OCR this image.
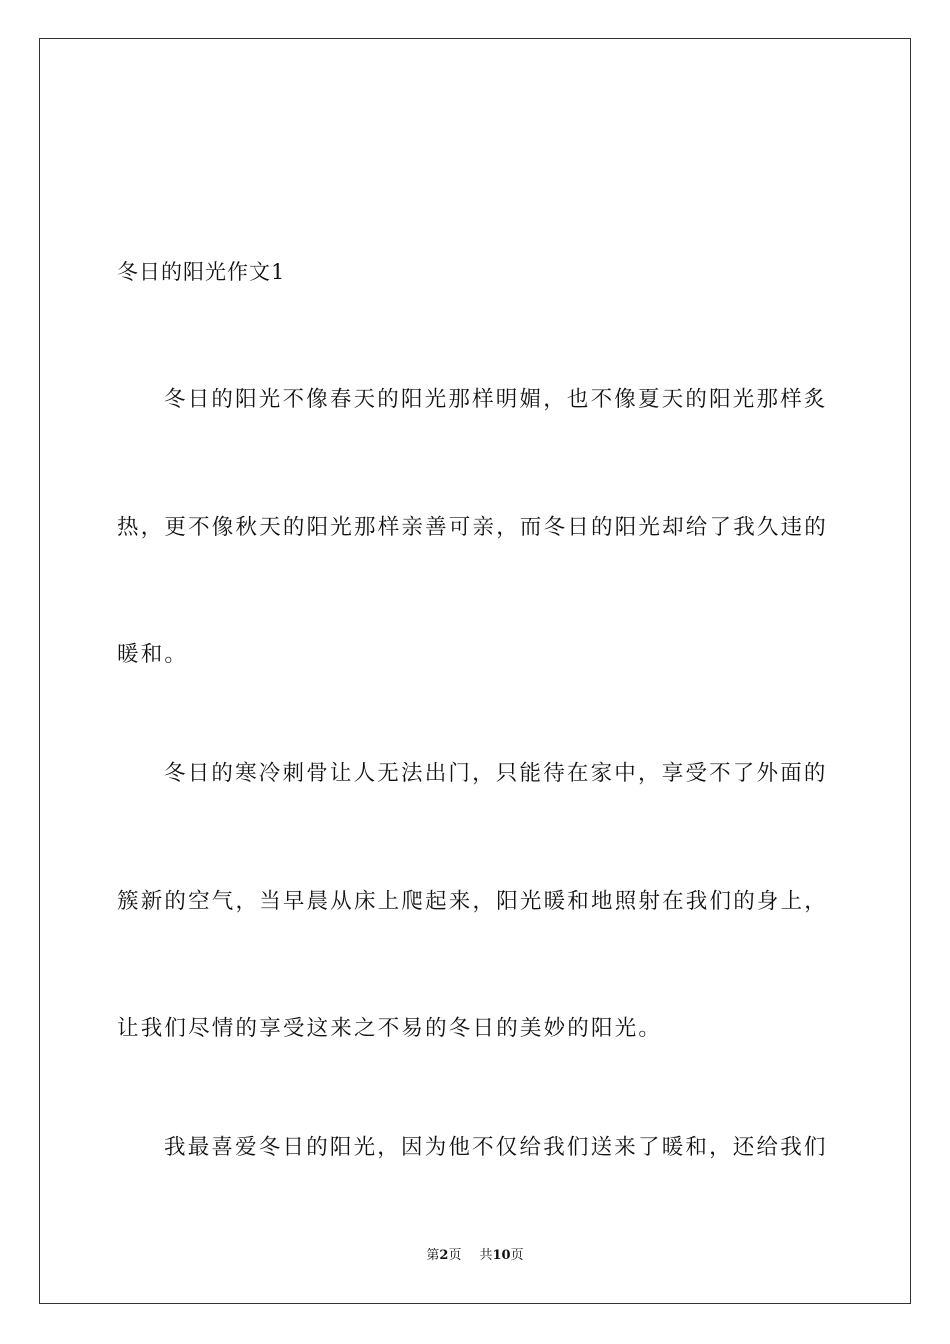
冬日的阳光作文1
冬日的阳光不像春天的阳光那样明媚，也不像夏天的阳光那样炙
热，更不像秋天的阳光那样亲善可亲，而冬日的阳光却给了我久违的
暖和。
冬日的寒冷刺骨让人无法出门，只能待在家中，享受不了外面的
簇新的空气，当早晨从床上爬起来，阳光暖和地照射在我们的身上，
让我们尽情的享受这来之不易的冬日的美妙的阳光。
我最喜爱冬日的阳光，因为他不仅给我们送来了暖和，还给我们
第2页 共10页
